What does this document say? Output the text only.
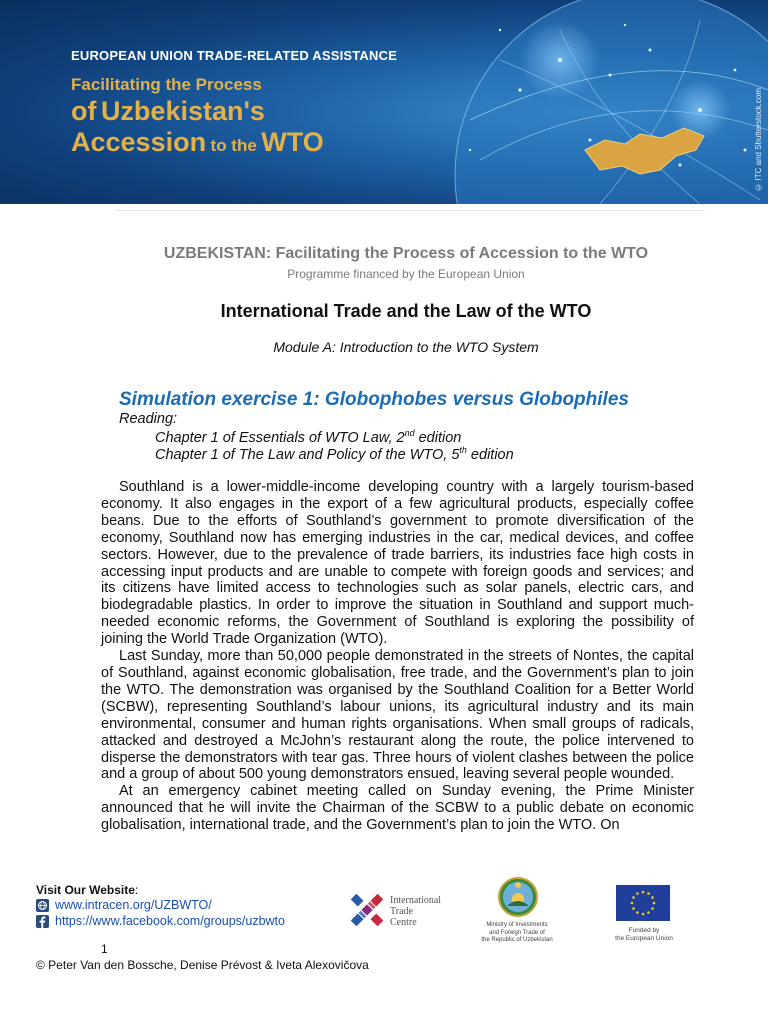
EUROPEAN UNION TRADE-RELATED ASSISTANCE
Facilitating the Process
of Uzbekistan's
Accession to the WTO	© ITC and Shutterstock.com
UZBEKISTAN: Facilitating the Process of Accession to the WTO
Programme financed by the European Union
International Trade and the Law of the WTO
Module A: Introduction to the WTO System
Simulation exercise 1: Globophobes versus Globophiles
Reading:
Chapter 1 of Essentials of WTO Law, 2nd edition
Chapter 1 of The Law and Policy of the WTO, 5th edition

Southland is a lower-middle-income developing country with a largely tourism-based economy. It also engages in the export of a few agricultural products, especially coffee beans. Due to the efforts of Southland’s government to promote diversification of the economy, Southland now has emerging industries in the car, medical devices, and coffee sectors. However, due to the prevalence of trade barriers, its industries face high costs in accessing input products and are unable to compete with foreign goods and services; and its citizens have limited access to technologies such as solar panels, electric cars, and biodegradable plastics. In order to improve the situation in Southland and support much-needed economic reforms, the Government of Southland is exploring the possibility of joining the World Trade Organization (WTO).

Last Sunday, more than 50,000 people demonstrated in the streets of Nontes, the capital of Southland, against economic globalisation, free trade, and the Government’s plan to join the WTO. The demonstration was organised by the Southland Coalition for a Better World (SCBW), representing Southland’s labour unions, its agricultural industry and its main environmental, consumer and human rights organisations. When small groups of radicals, attacked and destroyed a McJohn’s restaurant along the route, the police intervened to disperse the demonstrators with tear gas. Three hours of violent clashes between the police and a group of about 500 young demonstrators ensued, leaving several people wounded.

At an emergency cabinet meeting called on Sunday evening, the Prime Minister announced that he will invite the Chairman of the SCBW to a public debate on economic globalisation, international trade, and the Government’s plan to join the WTO. On

Visit Our Website:
www.intracen.org/UZBWTO/
https://www.facebook.com/groups/uzbwto
International
Trade
Centre	Ministry of Investments
and Foreign Trade of
the Republic of Uzbekistan
Funded by
the European Union
1
© Peter Van den Bossche, Denise Prévost & Iveta Alexovičova
